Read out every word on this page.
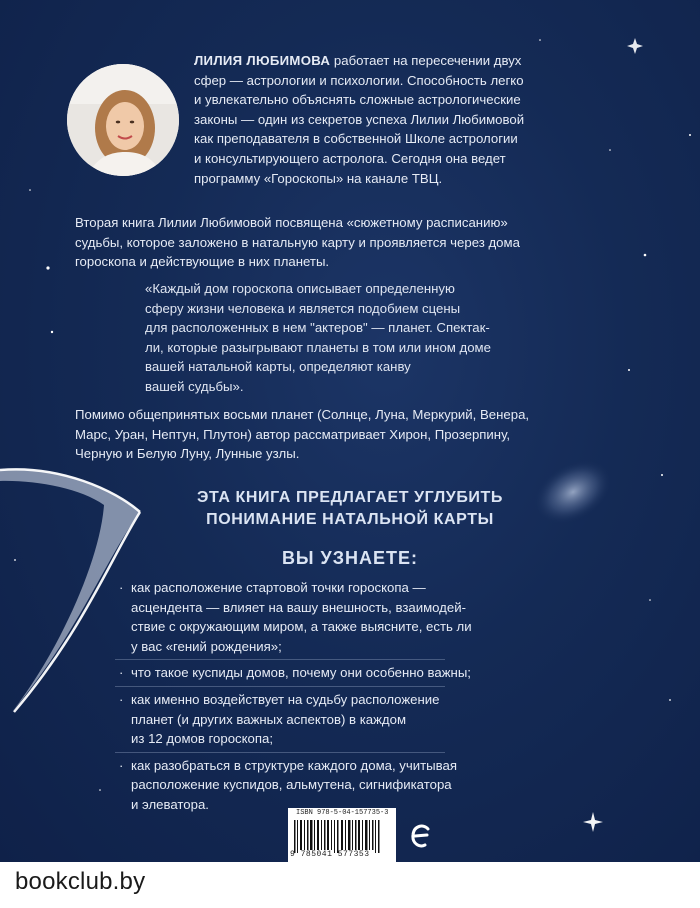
ЛИЛИЯ ЛЮБИМОВА работает на пересечении двух
сфер — астрологии и психологии. Способность легко
и увлекательно объяснять сложные астрологические
законы — один из секретов успеха Лилии Любимовой
как преподавателя в собственной Школе астрологии
и консультирующего астролога. Сегодня она ведет
программу «Гороскопы» на канале ТВЦ.
Вторая книга Лилии Любимовой посвящена «сюжетному расписанию»
судьбы, которое заложено в натальную карту и проявляется через дома
гороскопа и действующие в них планеты.
«Каждый дом гороскопа описывает определенную
сферу жизни человека и является подобием сцены
для расположенных в нем "актеров" — планет. Спектак-
ли, которые разыгрывают планеты в том или ином доме
вашей натальной карты, определяют канву
вашей судьбы».
Помимо общепринятых восьми планет (Солнце, Луна, Меркурий, Венера,
Марс, Уран, Нептун, Плутон) автор рассматривает Хирон, Прозерпину,
Черную и Белую Луну, Лунные узлы.
ЭТА КНИГА ПРЕДЛАГАЕТ УГЛУБИТЬ
ПОНИМАНИЕ НАТАЛЬНОЙ КАРТЫ
ВЫ УЗНАЕТЕ:
· как расположение стартовой точки гороскопа —
асцендента — влияет на вашу внешность, взаимодей-
ствие с окружающим миром, а также выясните, есть ли
у вас «гений рождения»;
· что такое куспиды домов, почему они особенно важны;
· как именно воздействует на судьбу расположение
планет (и других важных аспектов) в каждом
из 12 домов гороскопа;
· как разобраться в структуре каждого дома, учитывая
расположение куспидов, альмутена, сигнификатора
и элеватора.
ISBN 978-5-04-157735-3
9 785041 577353
bookclub.by
